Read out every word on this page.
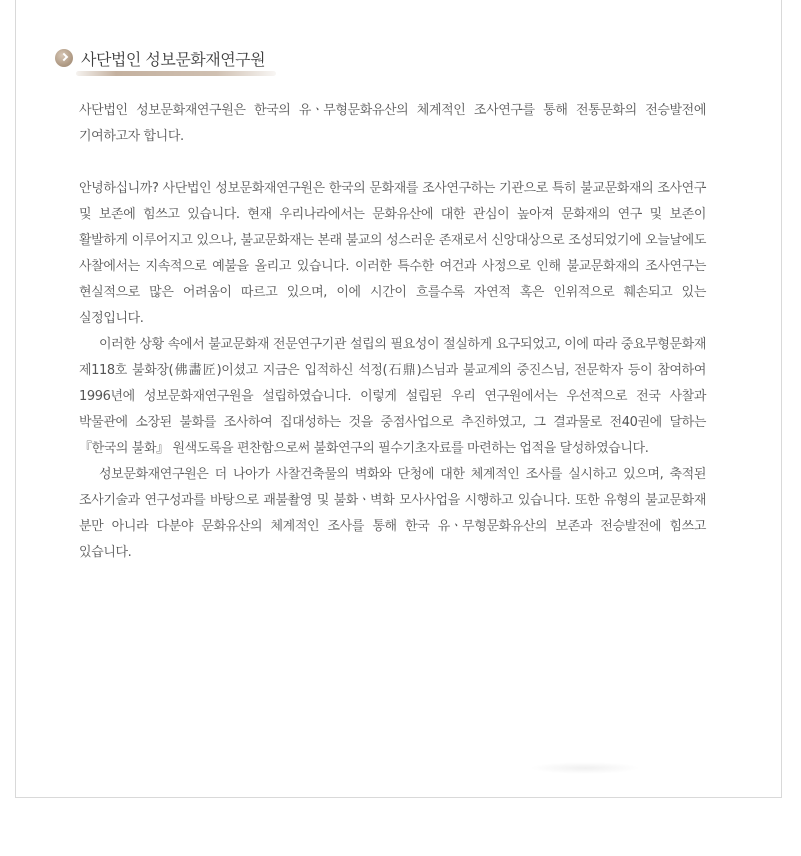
사단법인 성보문화재연구원

사단법인 성보문화재연구원은 한국의 유ㆍ무형문화유산의 체계적인 조사연구를 통해 전통문화의 전승발전에 기여하고자 합니다.

안녕하십니까? 사단법인 성보문화재연구원은 한국의 문화재를 조사연구하는 기관으로 특히 불교문화재의 조사연구 및 보존에 힘쓰고 있습니다. 현재 우리나라에서는 문화유산에 대한 관심이 높아져 문화재의 연구 및 보존이 활발하게 이루어지고 있으나, 불교문화재는 본래 불교의 성스러운 존재로서 신앙대상으로 조성되었기에 오늘날에도 사찰에서는 지속적으로 예불을 올리고 있습니다. 이러한 특수한 여건과 사정으로 인해 불교문화재의 조사연구는 현실적으로 많은 어려움이 따르고 있으며, 이에 시간이 흐를수록 자연적 혹은 인위적으로 훼손되고 있는 실정입니다.

이러한 상황 속에서 불교문화재 전문연구기관 설립의 필요성이 절실하게 요구되었고, 이에 따라 중요무형문화재 제118호 불화장(佛畵匠)이셨고 지금은 입적하신 석정(石鼎)스님과 불교계의 중진스님, 전문학자 등이 참여하여 1996년에 성보문화재연구원을 설립하였습니다. 이렇게 설립된 우리 연구원에서는 우선적으로 전국 사찰과 박물관에 소장된 불화를 조사하여 집대성하는 것을 중점사업으로 추진하였고, 그 결과물로 전40권에 달하는 『한국의 불화』 원색도록을 편찬함으로써 불화연구의 필수기초자료를 마련하는 업적을 달성하였습니다.

성보문화재연구원은 더 나아가 사찰건축물의 벽화와 단청에 대한 체계적인 조사를 실시하고 있으며, 축적된 조사기술과 연구성과를 바탕으로 괘불촬영 및 불화ㆍ벽화 모사사업을 시행하고 있습니다. 또한 유형의 불교문화재 분만 아니라 다분야 문화유산의 체계적인 조사를 통해 한국 유ㆍ무형문화유산의 보존과 전승발전에 힘쓰고 있습니다.
